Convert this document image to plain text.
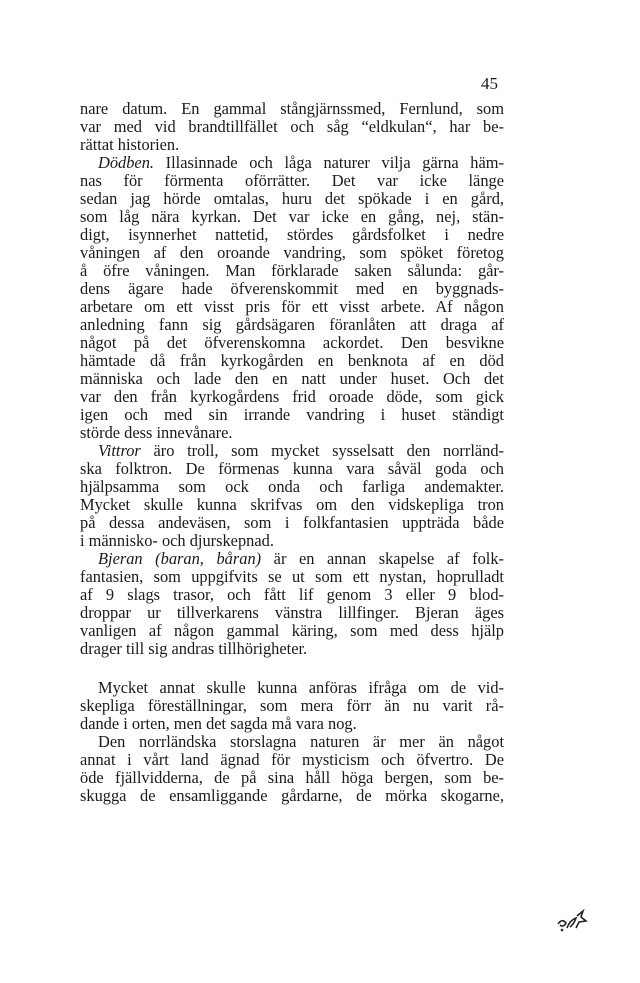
45
nare datum. En gammal stångjärnssmed, Fernlund, som
var med vid brandtillfället och såg “eldkulan“, har be-
rättat historien.
Dödben. Illasinnade och låga naturer vilja gärna häm-
nas för förmenta oförrätter. Det var icke länge
sedan jag hörde omtalas, huru det spökade i en gård,
som låg nära kyrkan. Det var icke en gång, nej, stän-
digt, isynnerhet nattetid, stördes gårdsfolket i nedre
våningen af den oroande vandring, som spöket företog
å öfre våningen. Man förklarade saken sålunda: går-
dens ägare hade öfverenskommit med en byggnads-
arbetare om ett visst pris för ett visst arbete. Af någon
anledning fann sig gårdsägaren föranlåten att draga af
något på det öfverenskomna ackordet. Den besvikne
hämtade då från kyrkogården en benknota af en död
människa och lade den en natt under huset. Och det
var den från kyrkogårdens frid oroade döde, som gick
igen och med sin irrande vandring i huset ständigt
störde dess innevånare.
Vittror äro troll, som mycket sysselsatt den norrländ-
ska folktron. De förmenas kunna vara såväl goda och
hjälpsamma som ock onda och farliga andemakter.
Mycket skulle kunna skrifvas om den vidskepliga tron
på dessa andeväsen, som i folkfantasien uppträda både
i människo- och djurskepnad.
Bjeran (baran, båran) är en annan skapelse af folk-
fantasien, som uppgifvits se ut som ett nystan, hoprulladt
af 9 slags trasor, och fått lif genom 3 eller 9 blod-
droppar ur tillverkarens vänstra lillfinger. Bjeran äges
vanligen af någon gammal käring, som med dess hjälp
drager till sig andras tillhörigheter.
Mycket annat skulle kunna anföras ifråga om de vid-
skepliga föreställningar, som mera förr än nu varit rå-
dande i orten, men det sagda må vara nog.
Den norrländska storslagna naturen är mer än något
annat i vårt land ägnad för mysticism och öfvertro. De
öde fjällvidderna, de på sina håll höga bergen, som be-
skugga de ensamliggande gårdarne, de mörka skogarne,
